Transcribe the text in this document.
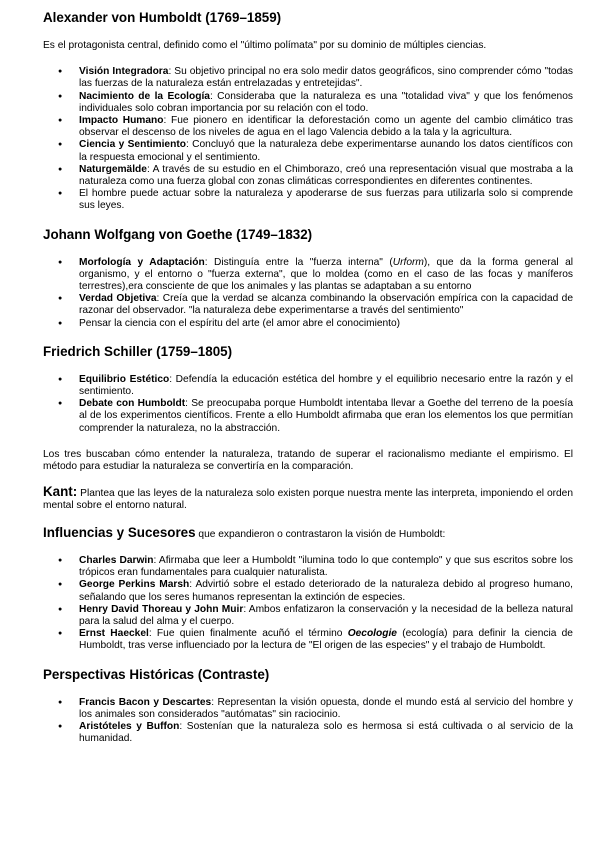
Alexander von Humboldt (1769–1859)

Es el protagonista central, definido como el "último polímata" por su dominio de múltiples ciencias.

● Visión Integradora: Su objetivo principal no era solo medir datos geográficos, sino comprender cómo "todas las fuerzas de la naturaleza están entrelazadas y entretejidas".
● Nacimiento de la Ecología: Consideraba que la naturaleza es una "totalidad viva" y que los fenómenos individuales solo cobran importancia por su relación con el todo.
● Impacto Humano: Fue pionero en identificar la deforestación como un agente del cambio climático tras observar el descenso de los niveles de agua en el lago Valencia debido a la tala y la agricultura.
● Ciencia y Sentimiento: Concluyó que la naturaleza debe experimentarse aunando los datos científicos con la respuesta emocional y el sentimiento.
● Naturgemälde: A través de su estudio en el Chimborazo, creó una representación visual que mostraba a la naturaleza como una fuerza global con zonas climáticas correspondientes en diferentes continentes.
● El hombre puede actuar sobre la naturaleza y apoderarse de sus fuerzas para utilizarla solo si comprende sus leyes.
Johann Wolfgang von Goethe (1749–1832)
● Morfología y Adaptación: Distinguía entre la "fuerza interna" (Urform), que da la forma general al organismo, y el entorno o "fuerza externa", que lo moldea (como en el caso de las focas y maníferos terrestres),era consciente de que los animales y las plantas se adaptaban a su entorno
● Verdad Objetiva: Creía que la verdad se alcanza combinando la observación empírica con la capacidad de razonar del observador. "la naturaleza debe experimentarse a través del sentimiento"
● Pensar la ciencia con el espíritu del arte (el amor abre el conocimiento)
Friedrich Schiller (1759–1805)
● Equilibrio Estético: Defendía la educación estética del hombre y el equilibrio necesario entre la razón y el sentimiento.
● Debate con Humboldt: Se preocupaba porque Humboldt intentaba llevar a Goethe del terreno de la poesía al de los experimentos científicos. Frente a ello Humboldt afirmaba que eran los elementos los que permitían comprender la naturaleza, no la abstracción.

Los tres buscaban cómo entender la naturaleza, tratando de superar el racionalismo mediante el empirismo. El método para estudiar la naturaleza se convertiría en la comparación.

Kant: Plantea que las leyes de la naturaleza solo existen porque nuestra mente las interpreta, imponiendo el orden mental sobre el entorno natural.

Influencias y Sucesores que expandieron o contrastaron la visión de Humboldt:

● Charles Darwin: Afirmaba que leer a Humboldt "ilumina todo lo que contemplo" y que sus escritos sobre los trópicos eran fundamentales para cualquier naturalista.
● George Perkins Marsh: Advirtió sobre el estado deteriorado de la naturaleza debido al progreso humano, señalando que los seres humanos representan la extinción de especies.
● Henry David Thoreau y John Muir: Ambos enfatizaron la conservación y la necesidad de la belleza natural para la salud del alma y el cuerpo.
● Ernst Haeckel: Fue quien finalmente acuñó el término Oecologie (ecología) para definir la ciencia de Humboldt, tras verse influenciado por la lectura de "El origen de las especies" y el trabajo de Humboldt.
Perspectivas Históricas (Contraste)
● Francis Bacon y Descartes: Representan la visión opuesta, donde el mundo está al servicio del hombre y los animales son considerados "autómatas" sin raciocinio.
● Aristóteles y Buffon: Sostenían que la naturaleza solo es hermosa si está cultivada o al servicio de la humanidad.
